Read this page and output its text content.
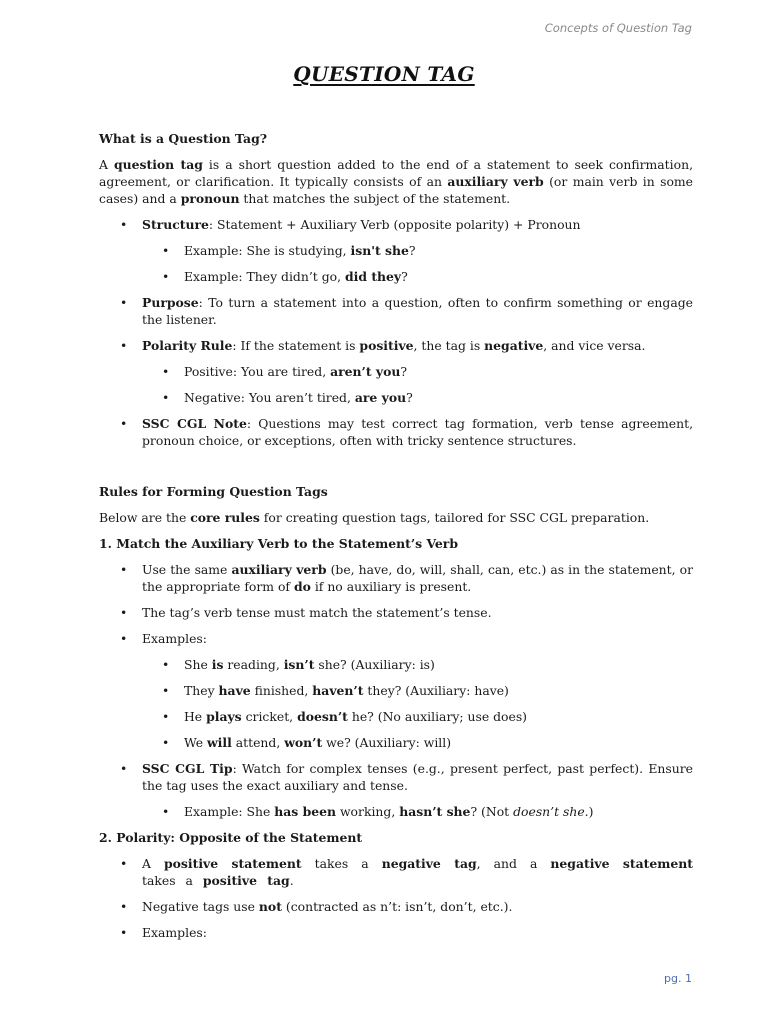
Concepts of Question Tag
QUESTION TAG
What is a Question Tag?

A question tag is a short question added to the end of a statement to seek confirmation, agreement, or clarification. It typically consists of an auxiliary verb (or main verb in some cases) and a pronoun that matches the subject of the statement.

• Structure: Statement + Auxiliary Verb (opposite polarity) + Pronoun
• Example: She is studying, isn't she?
• Example: They didn’t go, did they?
• Purpose: To turn a statement into a question, often to confirm something or engage the listener.
• Polarity Rule: If the statement is positive, the tag is negative, and vice versa.
• Positive: You are tired, aren’t you?
• Negative: You aren’t tired, are you?
• SSC CGL Note: Questions may test correct tag formation, verb tense agreement, pronoun choice, or exceptions, often with tricky sentence structures.
Rules for Forming Question Tags

Below are the core rules for creating question tags, tailored for SSC CGL preparation.

1. Match the Auxiliary Verb to the Statement’s Verb
• Use the same auxiliary verb (be, have, do, will, shall, can, etc.) as in the statement, or the appropriate form of do if no auxiliary is present.
• The tag’s verb tense must match the statement’s tense.
• Examples:
• She is reading, isn’t she? (Auxiliary: is)
• They have finished, haven’t they? (Auxiliary: have)
• He plays cricket, doesn’t he? (No auxiliary; use does)
• We will attend, won’t we? (Auxiliary: will)
• SSC CGL Tip: Watch for complex tenses (e.g., present perfect, past perfect). Ensure the tag uses the exact auxiliary and tense.
• Example: She has been working, hasn’t she? (Not doesn’t she.)
2. Polarity: Opposite of the Statement
• A positive statement takes a negative tag, and a negative statement takes a positive tag.
• Negative tags use not (contracted as n’t: isn’t, don’t, etc.).
• Examples:
pg. 1
